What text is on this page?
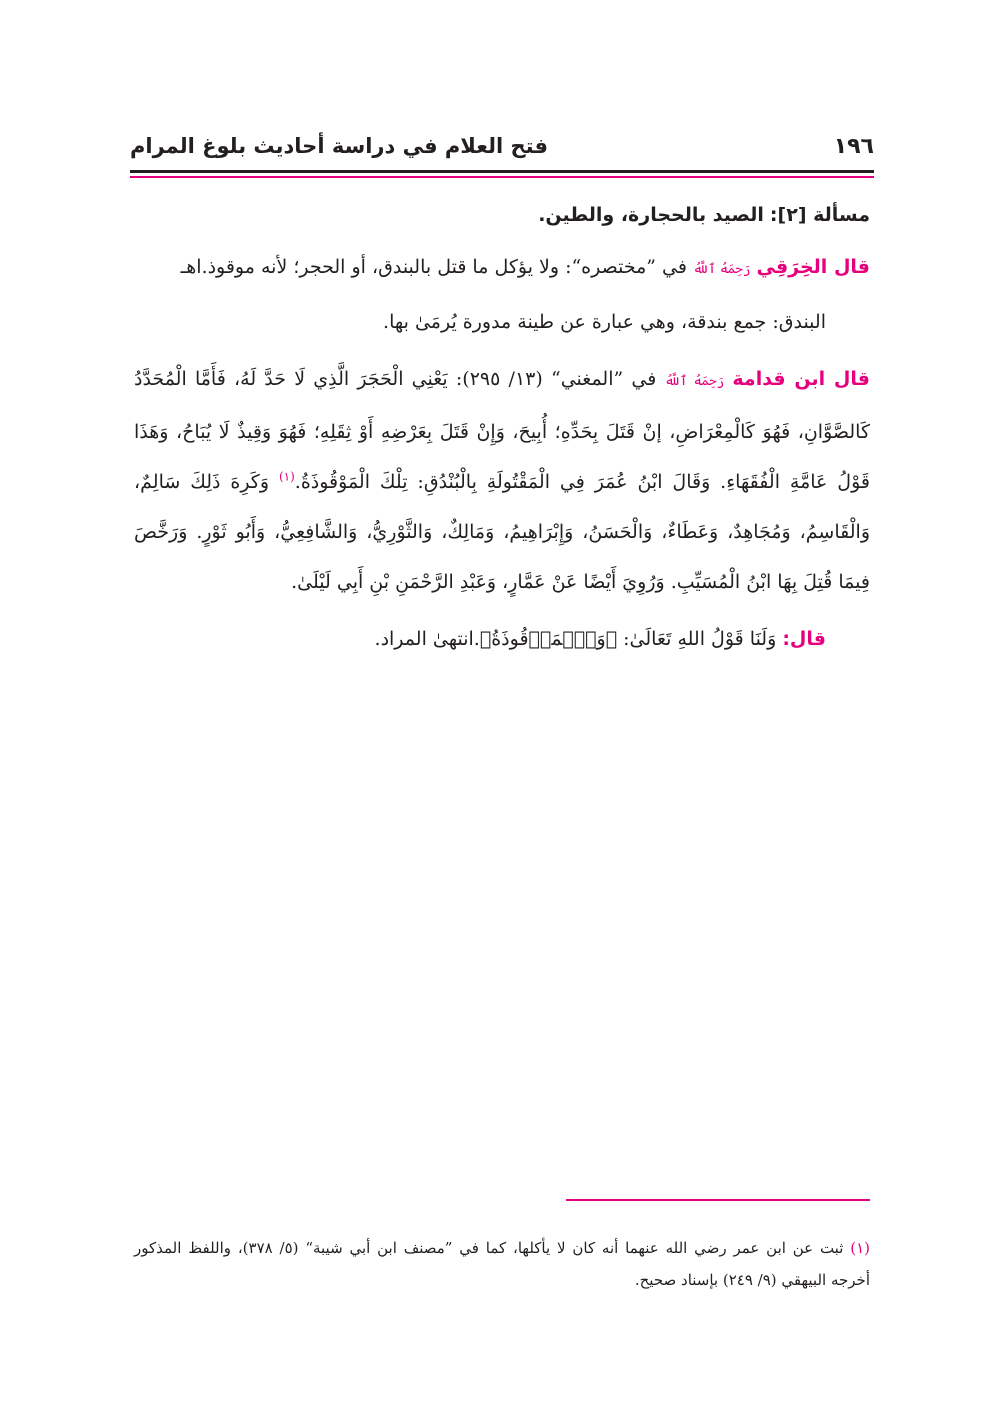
١٩٦
فتح العلام في دراسة أحاديث بلوغ المرام

مسألة [٢]: الصيد بالحجارة، والطين.

قال الخِرَقِي رَحِمَهُ ٱللَّهُ في ”مختصره“: ولا يؤكل ما قتل بالبندق، أو الحجر؛ لأنه موقوذ.اهـ

البندق: جمع بندقة، وهي عبارة عن طينة مدورة يُرمَىٰ بها.

قال ابن قدامة رَحِمَهُ ٱللَّهُ في ”المغني“ (١٣/ ٢٩٥): يَعْنِي الْحَجَرَ الَّذِي لَا حَدَّ لَهُ، فَأَمَّا الْمُحَدَّدُ كَالصَّوَّانِ، فَهُوَ كَالْمِعْرَاضِ، إنْ قَتَلَ بِحَدِّهِ؛ أُبِيحَ، وَإِنْ قَتَلَ بِعَرْضِهِ أَوْ ثِقَلِهِ؛ فَهُوَ وَقِيذٌ لَا يُبَاحُ، وَهَذَا قَوْلُ عَامَّةِ الْفُقَهَاءِ. وَقَالَ ابْنُ عُمَرَ فِي الْمَقْتُولَةِ بِالْبُنْدُقِ: تِلْكَ الْمَوْقُوذَةُ.$^{(١)}$ وَكَرِهَ ذَلِكَ سَالِمٌ، وَالْقَاسِمُ، وَمُجَاهِدٌ، وَعَطَاءٌ، وَالْحَسَنُ، وَإِبْرَاهِيمُ، وَمَالِكٌ، وَالثَّوْرِيُّ، وَالشَّافِعِيُّ، وَأَبُو ثَوْرٍ. وَرَخَّصَ فِيمَا قُتِلَ بِهَا ابْنُ الْمُسَيِّبِ. وَرُوِيَ أَيْضًا عَنْ عَمَّارٍ، وَعَبْدِ الرَّحْمَنِ بْنِ أَبِي لَيْلَىٰ.

قال: وَلَنَا قَوْلُ اللهِ تَعَالَىٰ: ﴿وَٱلۡمَوۡقُوذَةُ﴾.انتهىٰ المراد.

(١) ثبت عن ابن عمر رضي الله عنهما أنه كان لا يأكلها، كما في ”مصنف ابن أبي شيبة“ (٥/ ٣٧٨)، واللفظ المذكور أخرجه البيهقي (٩/ ٢٤٩) بإسناد صحيح.
